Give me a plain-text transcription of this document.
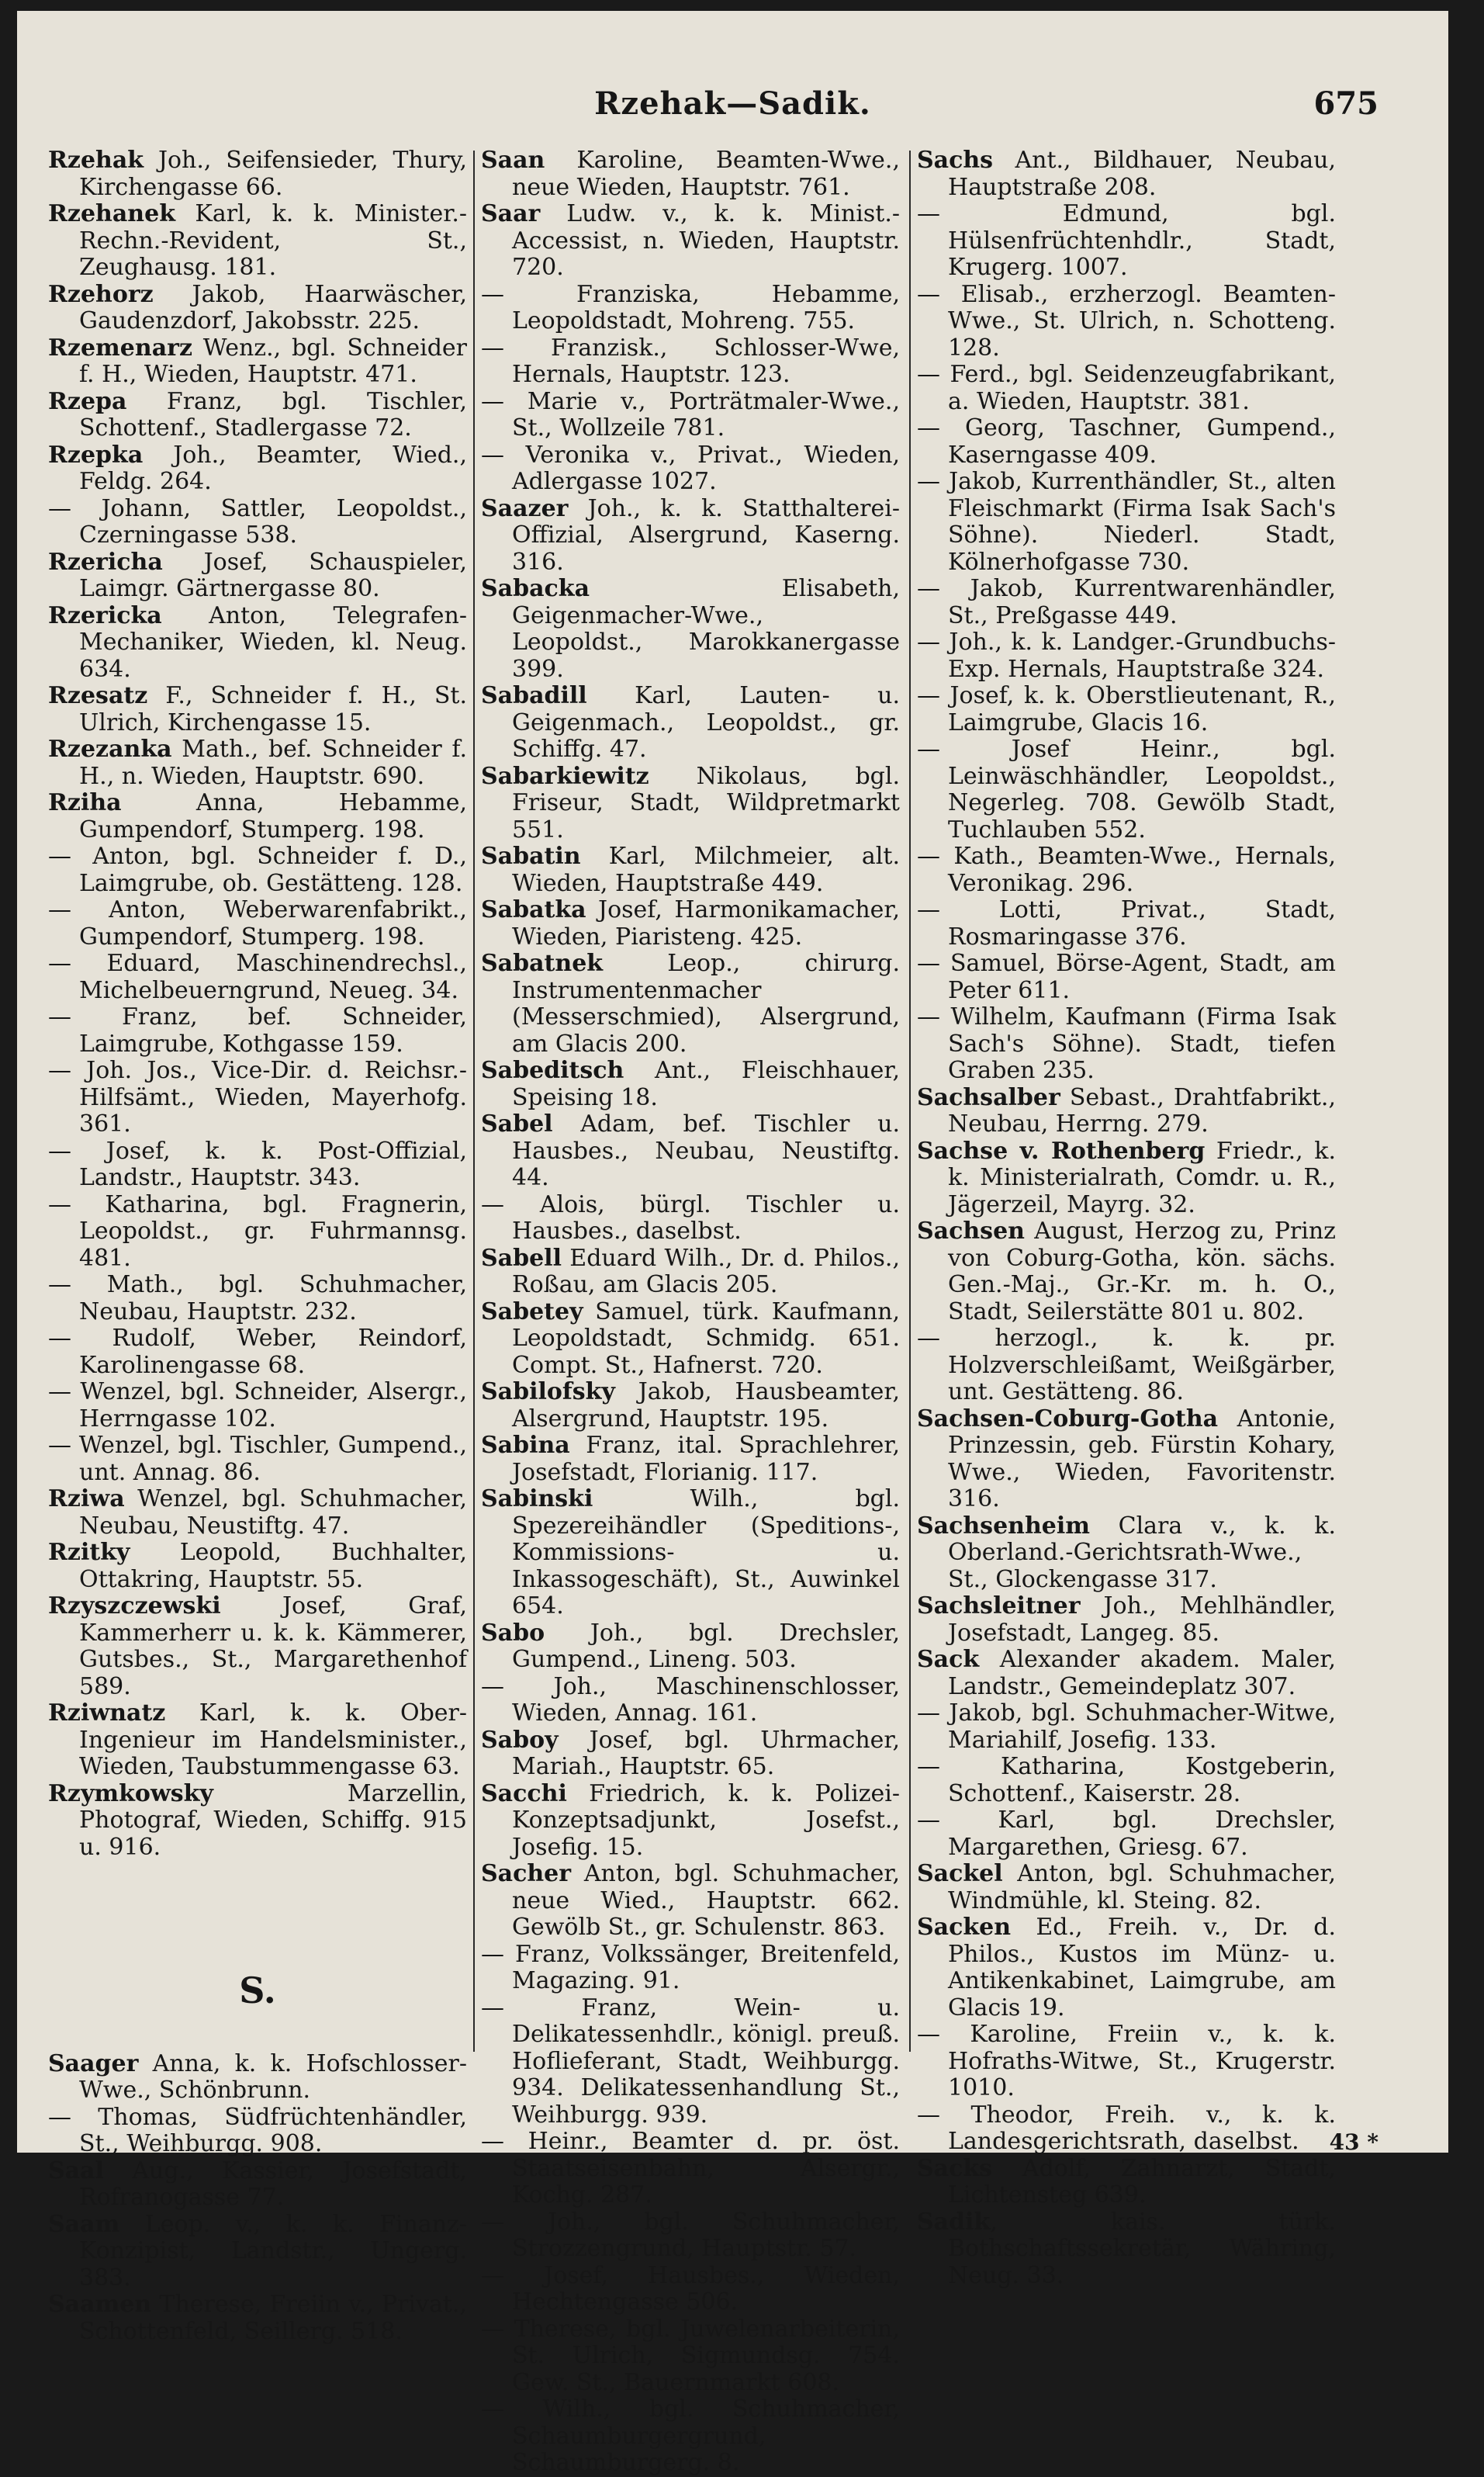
Rzehak—Sadik.	675

Rzehak Joh., Seifensieder, Thury, Kirchengasse 66.

Rzehanek Karl, k. k. Minister.-Rechn.-Revident, St., Zeughausg. 181.

Rzehorz Jakob, Haarwäscher, Gaudenzdorf, Jakobsstr. 225.

Rzemenarz Wenz., bgl. Schneider f. H., Wieden, Hauptstr. 471.

Rzepa Franz, bgl. Tischler, Schottenf., Stadlergasse 72.

Rzepka Joh., Beamter, Wied., Feldg. 264.

— Johann, Sattler, Leopoldst., Czerningasse 538.

Rzericha Josef, Schauspieler, Laimgr. Gärtnergasse 80.

Rzericka Anton, Telegrafen-Mechaniker, Wieden, kl. Neug. 634.

Rzesatz F., Schneider f. H., St. Ulrich, Kirchengasse 15.

Rzezanka Math., bef. Schneider f. H., n. Wieden, Hauptstr. 690.

Rziha Anna, Hebamme, Gumpendorf, Stumperg. 198.

— Anton, bgl. Schneider f. D., Laimgrube, ob. Gestätteng. 128.

— Anton, Weberwarenfabrikt., Gumpendorf, Stumperg. 198.

— Eduard, Maschinendrechsl., Michelbeuerngrund, Neueg. 34.

— Franz, bef. Schneider, Laimgrube, Kothgasse 159.

— Joh. Jos., Vice-Dir. d. Reichsr.-Hilfsämt., Wieden, Mayerhofg. 361.

— Josef, k. k. Post-Offizial, Landstr., Hauptstr. 343.

— Katharina, bgl. Fragnerin, Leopoldst., gr. Fuhrmannsg. 481.

— Math., bgl. Schuhmacher, Neubau, Hauptstr. 232.

— Rudolf, Weber, Reindorf, Karolinengasse 68.

— Wenzel, bgl. Schneider, Alsergr., Herrngasse 102.

— Wenzel, bgl. Tischler, Gumpend., unt. Annag. 86.

Rziwa Wenzel, bgl. Schuhmacher, Neubau, Neustiftg. 47.

Rzitky Leopold, Buchhalter, Ottakring, Hauptstr. 55.

Rzyszczewski Josef, Graf, Kammerherr u. k. k. Kämmerer, Gutsbes., St., Margarethenhof 589.

Rziwnatz Karl, k. k. Ober-Ingenieur im Handelsminister., Wieden, Taubstummengasse 63.

Rzymkowsky Marzellin, Photograf, Wieden, Schiffg. 915 u. 916.

S.

Saager Anna, k. k. Hofschlosser-Wwe., Schönbrunn.

— Thomas, Südfrüchtenhändler, St., Weihburgg. 908.

Saal Aug., Kassier, Josefstadt, Rofranogasse 77.

Saam Leop. v., k. k. Finanz-Konzipist, Landstr., Ungerg. 383.

Saamen Therese, Freiin v., Privat., Schottenfeld, Seillerg. 518.

Saan Karoline, Beamten-Wwe., neue Wieden, Hauptstr. 761.

Saar Ludw. v., k. k. Minist.-Accessist, n. Wieden, Hauptstr. 720.

— Franziska, Hebamme, Leopoldstadt, Mohreng. 755.

— Franzisk., Schlosser-Wwe, Hernals, Hauptstr. 123.

— Marie v., Porträtmaler-Wwe., St., Wollzeile 781.

— Veronika v., Privat., Wieden, Adlergasse 1027.

Saazer Joh., k. k. Statthalterei-Offizial, Alsergrund, Kaserng. 316.

Sabacka Elisabeth, Geigenmacher-Wwe., Leopoldst., Marokkanergasse 399.

Sabadill Karl, Lauten- u. Geigenmach., Leopoldst., gr. Schiffg. 47.

Sabarkiewitz Nikolaus, bgl. Friseur, Stadt, Wildpretmarkt 551.

Sabatin Karl, Milchmeier, alt. Wieden, Hauptstraße 449.

Sabatka Josef, Harmonikamacher, Wieden, Piaristeng. 425.

Sabatnek Leop., chirurg. Instrumentenmacher (Messerschmied), Alsergrund, am Glacis 200.

Sabeditsch Ant., Fleischhauer, Speising 18.

Sabel Adam, bef. Tischler u. Hausbes., Neubau, Neustiftg. 44.

— Alois, bürgl. Tischler u. Hausbes., daselbst.

Sabell Eduard Wilh., Dr. d. Philos., Roßau, am Glacis 205.

Sabetey Samuel, türk. Kaufmann, Leopoldstadt, Schmidg. 651. Compt. St., Hafnerst. 720.

Sabilofsky Jakob, Hausbeamter, Alsergrund, Hauptstr. 195.

Sabina Franz, ital. Sprachlehrer, Josefstadt, Florianig. 117.

Sabinski Wilh., bgl. Spezereihändler (Speditions-, Kommissions- u. Inkassogeschäft), St., Auwinkel 654.

Sabo Joh., bgl. Drechsler, Gumpend., Lineng. 503.

— Joh., Maschinenschlosser, Wieden, Annag. 161.

Saboy Josef, bgl. Uhrmacher, Mariah., Hauptstr. 65.

Sacchi Friedrich, k. k. Polizei-Konzeptsadjunkt, Josefst., Josefig. 15.

Sacher Anton, bgl. Schuhmacher, neue Wied., Hauptstr. 662. Gewölb St., gr. Schulenstr. 863.

— Franz, Volkssänger, Breitenfeld, Magazing. 91.

— Franz, Wein- u. Delikatessenhdlr., königl. preuß. Hoflieferant, Stadt, Weihburgg. 934. Delikatessenhandlung St., Weihburgg. 939.

— Heinr., Beamter d. pr. öst. Staatseisenbahn, Alsergr., Kochg. 287.

— Joh., bgl. Schuhmacher, Strozzengrund, Hauptstr. 57.

— Josef, Hausbes., Wieden, Hechtengasse 506.

— Therese, bgl. Juwelenarbeiterin, St. Ulrich, Sigmundsg. 754. Gew. St., Bauernmarkt 608.

— Wilh., bgl. Schuhmacher, Schaumburgergrund, Schaumburgerg. 8.

Sachs Ant., Bildhauer, Neubau, Hauptstraße 208.

— Edmund, bgl. Hülsenfrüchtenhdlr., Stadt, Krugerg. 1007.

— Elisab., erzherzogl. Beamten-Wwe., St. Ulrich, n. Schotteng. 128.

— Ferd., bgl. Seidenzeugfabrikant, a. Wieden, Hauptstr. 381.

— Georg, Taschner, Gumpend., Kaserngasse 409.

— Jakob, Kurrenthändler, St., alten Fleischmarkt (Firma Isak Sach's Söhne). Niederl. Stadt, Kölnerhofgasse 730.

— Jakob, Kurrentwarenhändler, St., Preßgasse 449.

— Joh., k. k. Landger.-Grundbuchs-Exp. Hernals, Hauptstraße 324.

— Josef, k. k. Oberstlieutenant, R., Laimgrube, Glacis 16.

— Josef Heinr., bgl. Leinwäschhändler, Leopoldst., Negerleg. 708. Gewölb Stadt, Tuchlauben 552.

— Kath., Beamten-Wwe., Hernals, Veronikag. 296.

— Lotti, Privat., Stadt, Rosmaringasse 376.

— Samuel, Börse-Agent, Stadt, am Peter 611.

— Wilhelm, Kaufmann (Firma Isak Sach's Söhne). Stadt, tiefen Graben 235.

Sachsalber Sebast., Drahtfabrikt., Neubau, Herrng. 279.

Sachse v. Rothenberg Friedr., k. k. Ministerialrath, Comdr. u. R., Jägerzeil, Mayrg. 32.

Sachsen August, Herzog zu, Prinz von Coburg-Gotha, kön. sächs. Gen.-Maj., Gr.-Kr. m. h. O., Stadt, Seilerstätte 801 u. 802.

— herzogl., k. k. pr. Holzverschleißamt, Weißgärber, unt. Gestätteng. 86.

Sachsen-Coburg-Gotha Antonie, Prinzessin, geb. Fürstin Kohary, Wwe., Wieden, Favoritenstr. 316.

Sachsenheim Clara v., k. k. Oberland.-Gerichtsrath-Wwe., St., Glockengasse 317.

Sachsleitner Joh., Mehlhändler, Josefstadt, Langeg. 85.

Sack Alexander akadem. Maler, Landstr., Gemeindeplatz 307.

— Jakob, bgl. Schuhmacher-Witwe, Mariahilf, Josefig. 133.

— Katharina, Kostgeberin, Schottenf., Kaiserstr. 28.

— Karl, bgl. Drechsler, Margarethen, Griesg. 67.

Sackel Anton, bgl. Schuhmacher, Windmühle, kl. Steing. 82.

Sacken Ed., Freih. v., Dr. d. Philos., Kustos im Münz- u. Antikenkabinet, Laimgrube, am Glacis 19.

— Karoline, Freiin v., k. k. Hofraths-Witwe, St., Krugerstr. 1010.

— Theodor, Freih. v., k. k. Landesgerichtsrath, daselbst.

Sacks Adolf, Zahnarzt, Stadt, Lichtensteg 639.

Sadik, kais. türk. Bothschaftssekretär, Währing, Neug. 33.

43 *
